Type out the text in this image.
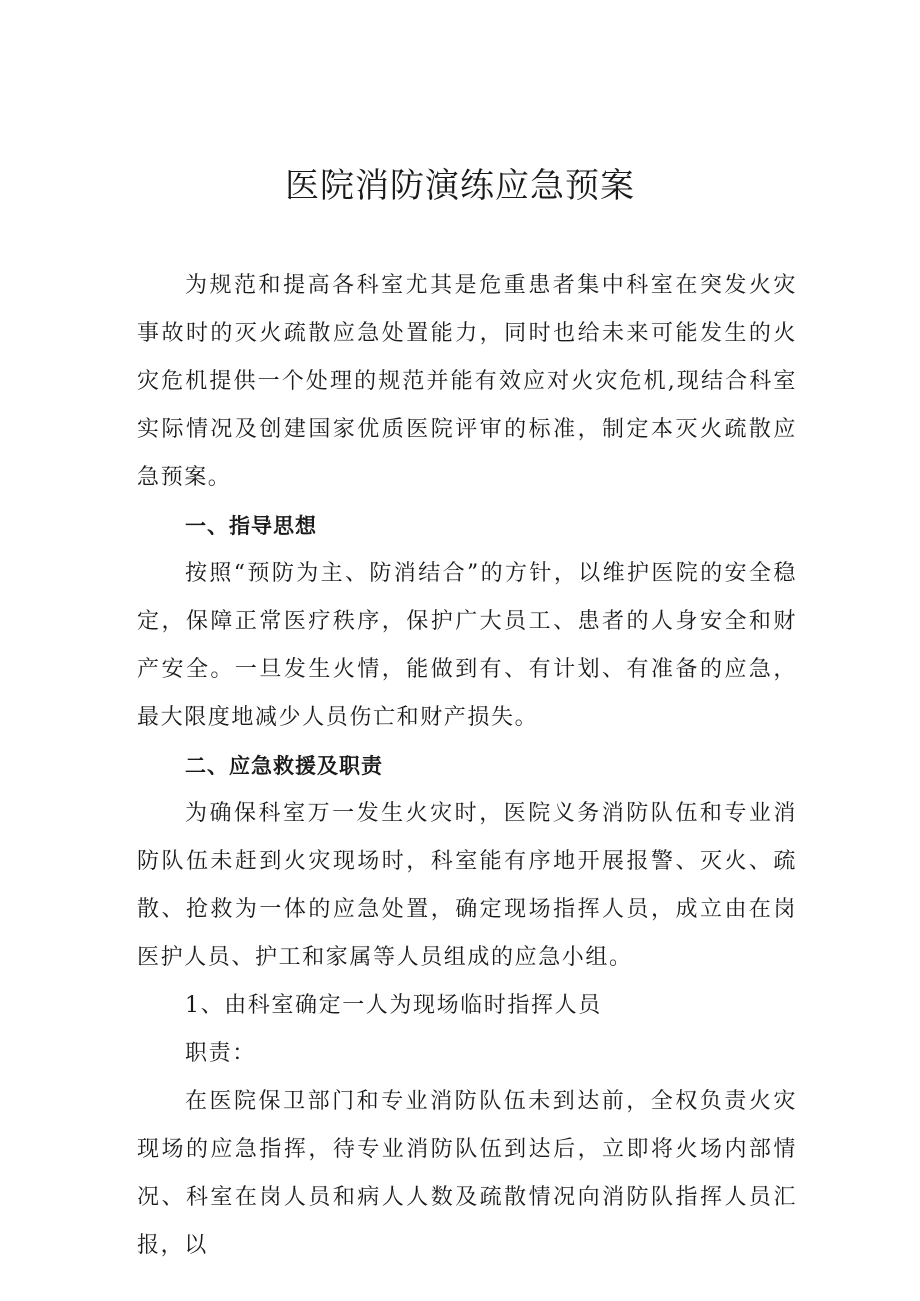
医院消防演练应急预案

为规范和提高各科室尤其是危重患者集中科室在突发火灾事故时的灭火疏散应急处置能力，同时也给未来可能发生的火灾危机提供一个处理的规范并能有效应对火灾危机,现结合科室实际情况及创建国家优质医院评审的标准，制定本灭火疏散应急预案。

一、指导思想

按照“预防为主、防消结合”的方针，以维护医院的安全稳定，保障正常医疗秩序，保护广大员工、患者的人身安全和财产安全。一旦发生火情，能做到有、有计划、有准备的应急，最大限度地减少人员伤亡和财产损失。

二、应急救援及职责

为确保科室万一发生火灾时，医院义务消防队伍和专业消防队伍未赶到火灾现场时，科室能有序地开展报警、灭火、疏散、抢救为一体的应急处置，确定现场指挥人员，成立由在岗医护人员、护工和家属等人员组成的应急小组。

1、由科室确定一人为现场临时指挥人员

职责：

在医院保卫部门和专业消防队伍未到达前，全权负责火灾现场的应急指挥，待专业消防队伍到达后，立即将火场内部情况、科室在岗人员和病人人数及疏散情况向消防队指挥人员汇报，以
